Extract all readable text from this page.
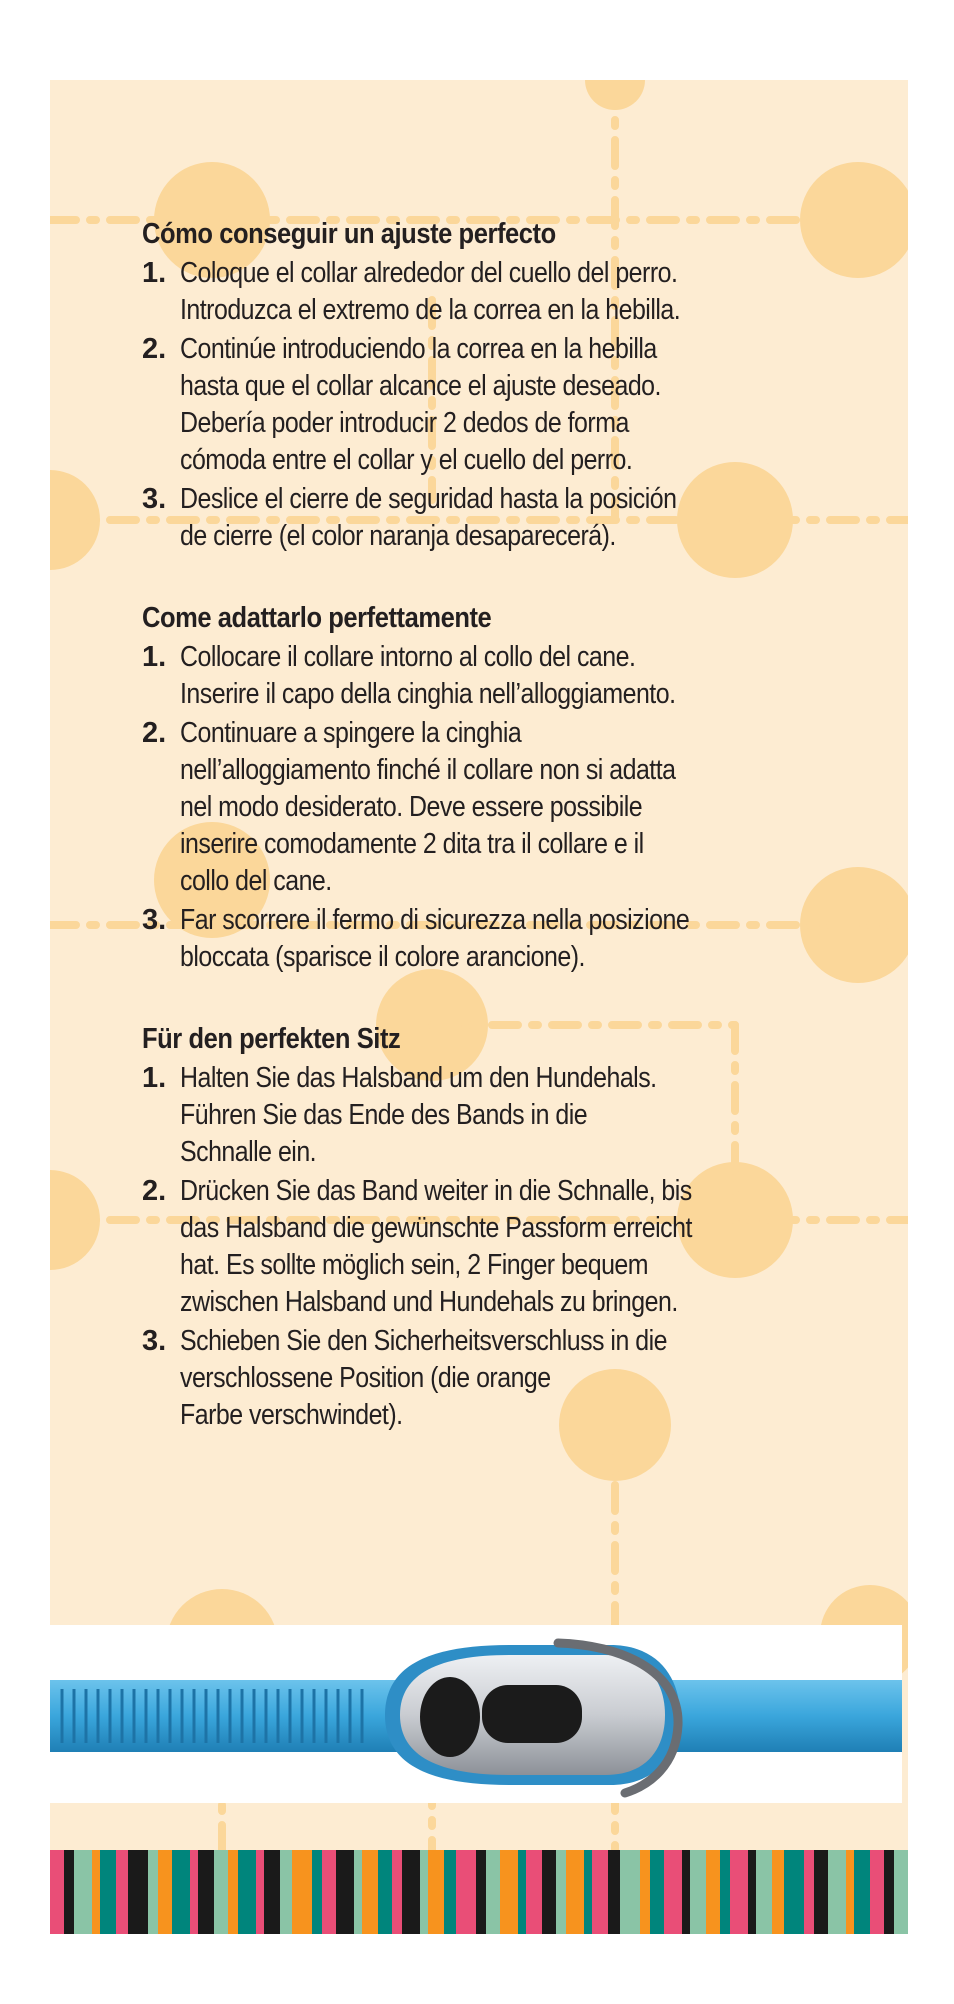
Cómo conseguir un ajuste perfecto
1. Coloque el collar alrededor del cuello del perro.
Introduzca el extremo de la correa en la hebilla.
2. Continúe introduciendo la correa en la hebilla
hasta que el collar alcance el ajuste deseado.
Debería poder introducir 2 dedos de forma
cómoda entre el collar y el cuello del perro.
3. Deslice el cierre de seguridad hasta la posición
de cierre (el color naranja desaparecerá).
Come adattarlo perfettamente
1. Collocare il collare intorno al collo del cane.
Inserire il capo della cinghia nell’alloggiamento.
2. Continuare a spingere la cinghia
nell’alloggiamento finché il collare non si adatta
nel modo desiderato. Deve essere possibile
inserire comodamente 2 dita tra il collare e il
collo del cane.
3. Far scorrere il fermo di sicurezza nella posizione
bloccata (sparisce il colore arancione).
Für den perfekten Sitz
1. Halten Sie das Halsband um den Hundehals.
Führen Sie das Ende des Bands in die
Schnalle ein.
2. Drücken Sie das Band weiter in die Schnalle, bis
das Halsband die gewünschte Passform erreicht
hat. Es sollte möglich sein, 2 Finger bequem
zwischen Halsband und Hundehals zu bringen.
3. Schieben Sie den Sicherheitsverschluss in die
verschlossene Position (die orange
Farbe verschwindet).
